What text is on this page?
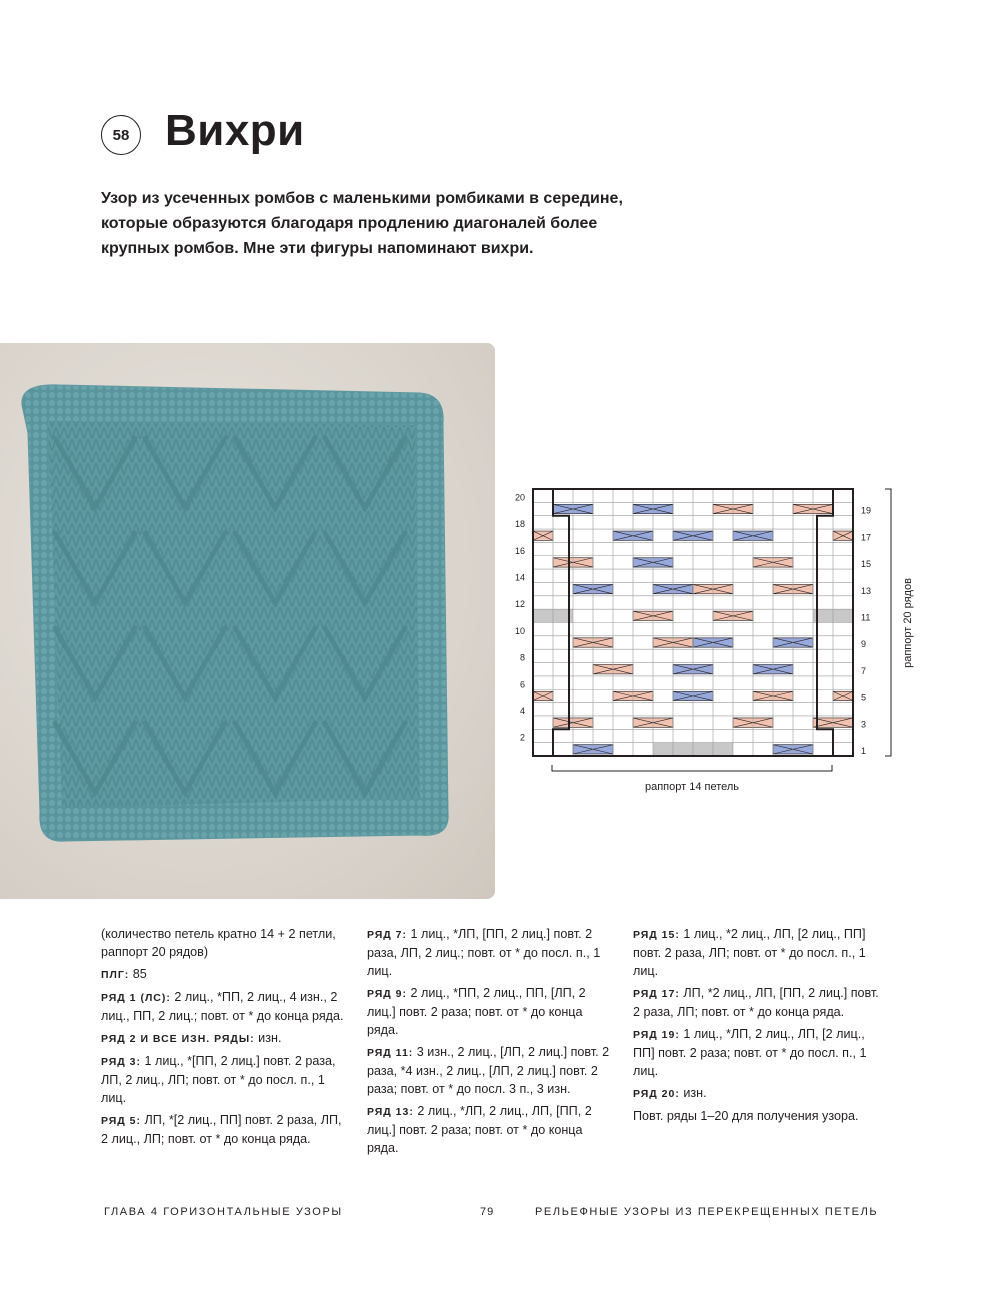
58 Вихри
Узор из усеченных ромбов с маленькими ромбиками в середине, которые образуются благодаря продлению диагоналей более крупных ромбов. Мне эти фигуры напоминают вихри.
20
18
16
14
12
10
8
6
4
2
19
17
15
13
11
9
7
5
3
1
раппорт 14 петель
раппорт 20 рядов

(количество петель кратно 14 + 2 петли, раппорт 20 рядов)

ПЛГ: 85

РЯД 1 (ЛС): 2 лиц., *ПП, 2 лиц., 4 изн., 2 лиц., ПП, 2 лиц.; повт. от * до конца ряда.

РЯД 2 И ВСЕ ИЗН. РЯДЫ: изн.

РЯД 3: 1 лиц., *[ПП, 2 лиц.] повт. 2 раза, ЛП, 2 лиц., ЛП; повт. от * до посл. п., 1 лиц.

РЯД 5: ЛП, *[2 лиц., ПП] повт. 2 раза, ЛП, 2 лиц., ЛП; повт. от * до конца ряда.

РЯД 7: 1 лиц., *ЛП, [ПП, 2 лиц.] повт. 2 раза, ЛП, 2 лиц.; повт. от * до посл. п., 1 лиц.

РЯД 9: 2 лиц., *ПП, 2 лиц., ПП, [ЛП, 2 лиц.] повт. 2 раза; повт. от * до конца ряда.

РЯД 11: 3 изн., 2 лиц., [ЛП, 2 лиц.] повт. 2 раза, *4 изн., 2 лиц., [ЛП, 2 лиц.] повт. 2 раза; повт. от * до посл. 3 п., 3 изн.

РЯД 13: 2 лиц., *ЛП, 2 лиц., ЛП, [ПП, 2 лиц.] повт. 2 раза; повт. от * до конца ряда.

РЯД 15: 1 лиц., *2 лиц., ЛП, [2 лиц., ПП] повт. 2 раза, ЛП; повт. от * до посл. п., 1 лиц.

РЯД 17: ЛП, *2 лиц., ЛП, [ПП, 2 лиц.] повт. 2 раза, ЛП; повт. от * до конца ряда.

РЯД 19: 1 лиц., *ЛП, 2 лиц., ЛП, [2 лиц., ПП] повт. 2 раза; повт. от * до посл. п., 1 лиц.

РЯД 20: изн.

Повт. ряды 1–20 для получения узора.

ГЛАВА 4 ГОРИЗОНТАЛЬНЫЕ УЗОРЫ	79	РЕЛЬЕФНЫЕ УЗОРЫ ИЗ ПЕРЕКРЕЩЕННЫХ ПЕТЕЛЬ
